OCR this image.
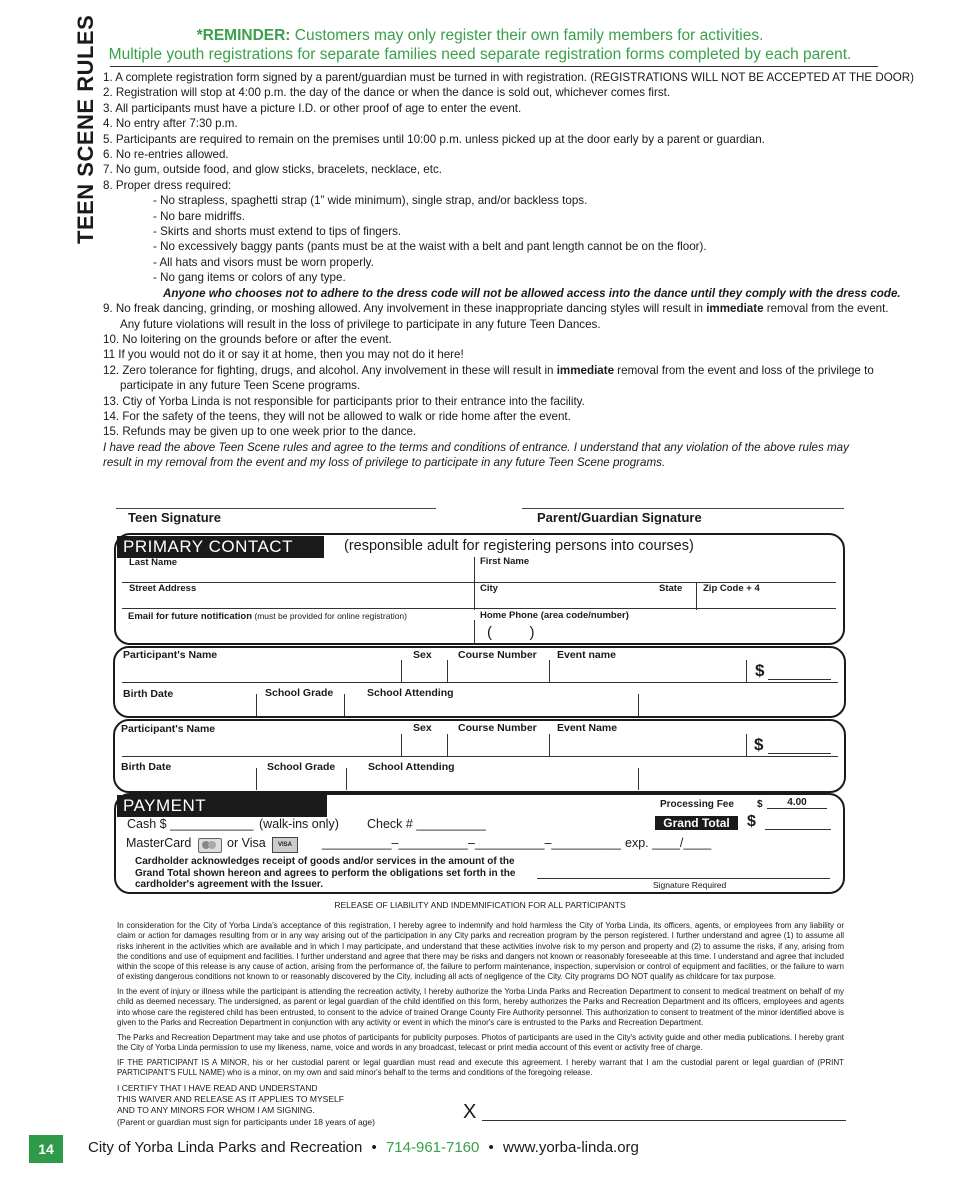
*REMINDER: Customers may only register their own family members for activities.
Multiple youth registrations for separate families need separate registration forms completed by each parent.
TEEN SCENE RULES 1. A complete registration form signed by a parent/guardian must be turned in with registration. (REGISTRATIONS WILL NOT BE ACCEPTED AT THE DOOR)
2. Registration will stop at 4:00 p.m. the day of the dance or when the dance is sold out, whichever comes first.
3. All participants must have a picture I.D. or other proof of age to enter the event.
4. No entry after 7:30 p.m.
5. Participants are required to remain on the premises until 10:00 p.m. unless picked up at the door early by a parent or guardian.
6. No re-entries allowed.
7. No gum, outside food, and glow sticks, bracelets, necklace, etc.
8. Proper dress required:
- No strapless, spaghetti strap (1” wide minimum), single strap, and/or backless tops.
- No bare midriffs.
- Skirts and shorts must extend to tips of fingers.
- No excessively baggy pants (pants must be at the waist with a belt and pant length cannot be on the floor).
- All hats and visors must be worn properly.
- No gang items or colors of any type.
Anyone who chooses not to adhere to the dress code will not be allowed access into the dance until they comply with the dress code.
9. No freak dancing, grinding, or moshing allowed. Any involvement in these inappropriate dancing styles will result in immediate removal from the event. Any future violations will result in the loss of privilege to participate in any future Teen Dances.
10. No loitering on the grounds before or after the event.
11 If you would not do it or say it at home, then you may not do it here!
12. Zero tolerance for fighting, drugs, and alcohol. Any involvement in these will result in immediate removal from the event and loss of the privilege to participate in any future Teen Scene programs.
13. Ctiy of Yorba Linda is not responsible for participants prior to their entrance into the facility.
14. For the safety of the teens, they will not be allowed to walk or ride home after the event.
15. Refunds may be given up to one week prior to the dance.
I have read the above Teen Scene rules and agree to the terms and conditions of entrance. I understand that any violation of the above rules may result in my removal from the event and my loss of privilege to participate in any future Teen Scene programs.
Teen Signature	Parent/Guardian Signature
PRIMARY CONTACT	(responsible adult for registering persons into courses)
Last Name	First Name
Street Address	City	State Zip Code + 4
Email for future notification (must be provided for online registration)	Home Phone (area code/number)
(         )
Participant's Name	Sex	Course Number Event name
$
Birth Date	School Grade	School Attending
Participant's Name	Sex	Course Number Event Name
$
Birth Date	School Grade	School Attending
PAYMENT	Processing Fee $	4.00
Grand Total	$
Cash $ ____________ (walk-ins only) Check # __________
MasterCard	or Visa	VISA	__________–__________–__________–__________ exp. ____/____
Cardholder acknowledges receipt of goods and/or services in the amount of the Grand Total shown hereon and agrees to perform the obligations set forth in the cardholder's agreement with the Issuer.	Signature Required
RELEASE OF LIABILITY AND INDEMNIFICATION FOR ALL PARTICIPANTS
In consideration for the City of Yorba Linda's acceptance of this registration, I hereby agree to indemnify and hold harmless the City of Yorba Linda, its officers, agents, or employees from any liability or claim or action for damages resulting from or in any way arising out of the participation in any City parks and recreation program by the person registered. I further understand and agree (1) to assume all risks inherent in the activities which are available and in which I may participate, and understand that these activities involve risk to my person and property and (2) to assume the risks, if any, arising from the conditions and use of equipment and facilities. I further understand and agree that there may be risks and dangers not known or reasonably foreseeable at this time. I understand and agree that included within the scope of this release is any cause of action, arising from the performance of, the failure to perform maintenance, inspection, supervision or control of equipment and facilities, or the failure to warn of existing dangerous conditions not known to or reasonably discovered by the City, including all acts of negligence of the City. City programs DO NOT qualify as childcare for tax purpose.
In the event of injury or illness while the participant is attending the recreation activity, I hereby authorize the Yorba Linda Parks and Recreation Department to consent to medical treatment on behalf of my child as deemed necessary. The undersigned, as parent or legal guardian of the child identified on this form, hereby authorizes the Parks and Recreation Department and its officers, employees and agents into whose care the registered child has been entrusted, to consent to the advice of trained Orange County Fire Authority personnel. This authorization to consent to treatment of the minor identified above is given to the Parks and Recreation Department in conjunction with any activity or event in which the minor's care is entrusted to the Parks and Recreation Department.
The Parks and Recreation Department may take and use photos of participants for publicity purposes. Photos of participants are used in the City's activity guide and other media publications. I hereby grant the City of Yorba Linda permission to use my likeness, name, voice and words in any broadcast, telecast or print media account of this event or activity free of charge.
IF THE PARTICIPANT IS A MINOR, his or her custodial parent or legal guardian must read and execute this agreement. I hereby warrant that I am the custodial parent or legal guardian of (PRINT PARTICIPANT'S FULL NAME) who is a minor, on my own and said minor's behalf to the terms and conditions of the foregoing release.
I CERTIFY THAT I HAVE READ AND UNDERSTAND
THIS WAIVER AND RELEASE AS IT APPLIES TO MYSELF
AND TO ANY MINORS FOR WHOM I AM SIGNING.
(Parent or guardian must sign for participants under 18 years of age)	X
14	City of Yorba Linda Parks and Recreation • 714-961-7160 • www.yorba-linda.org
